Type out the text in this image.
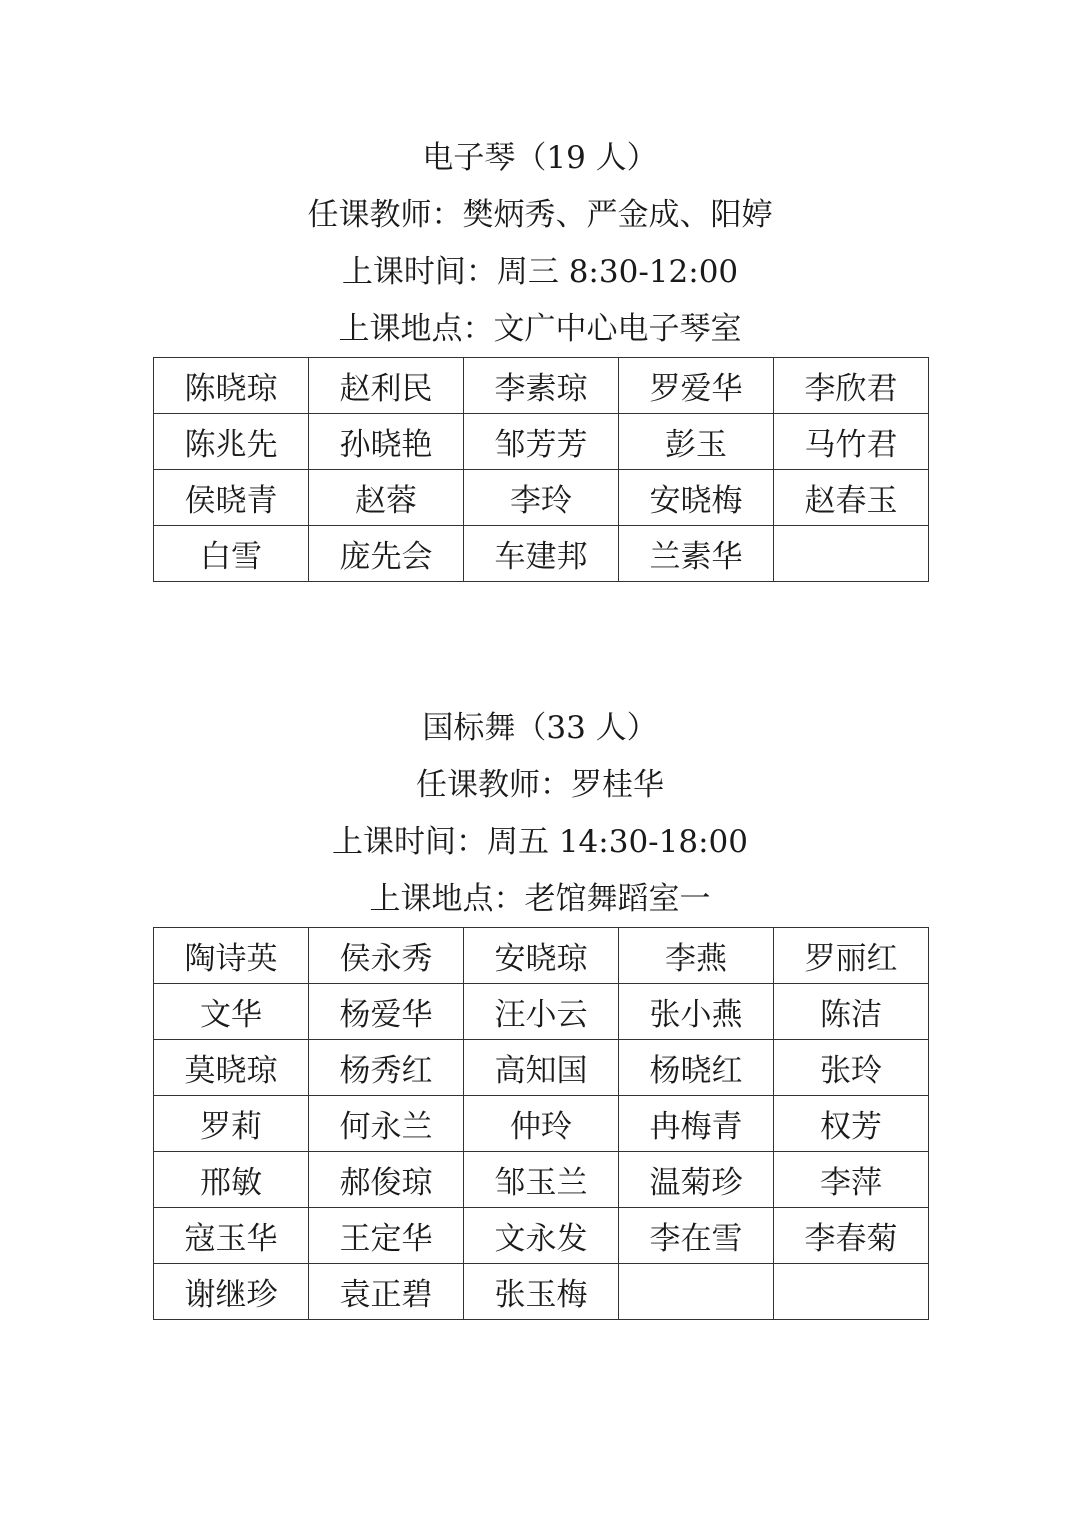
电子琴（19 人）
任课教师：樊炳秀、严金成、阳婷
上课时间：周三 8:30-12:00
上课地点：文广中心电子琴室
陈晓琼	赵利民	李素琼	罗爱华	李欣君
陈兆先	孙晓艳	邹芳芳	彭玉	马竹君
侯晓青	赵蓉	李玲	安晓梅	赵春玉
白雪	庞先会	车建邦	兰素华	
国标舞（33 人）
任课教师：罗桂华
上课时间：周五 14:30-18:00
上课地点：老馆舞蹈室一
陶诗英	侯永秀	安晓琼	李燕	罗丽红
文华	杨爱华	汪小云	张小燕	陈洁
莫晓琼	杨秀红	高知国	杨晓红	张玲
罗莉	何永兰	仲玲	冉梅青	权芳
邢敏	郝俊琼	邹玉兰	温菊珍	李萍
寇玉华	王定华	文永发	李在雪	李春菊
谢继珍	袁正碧	张玉梅		
